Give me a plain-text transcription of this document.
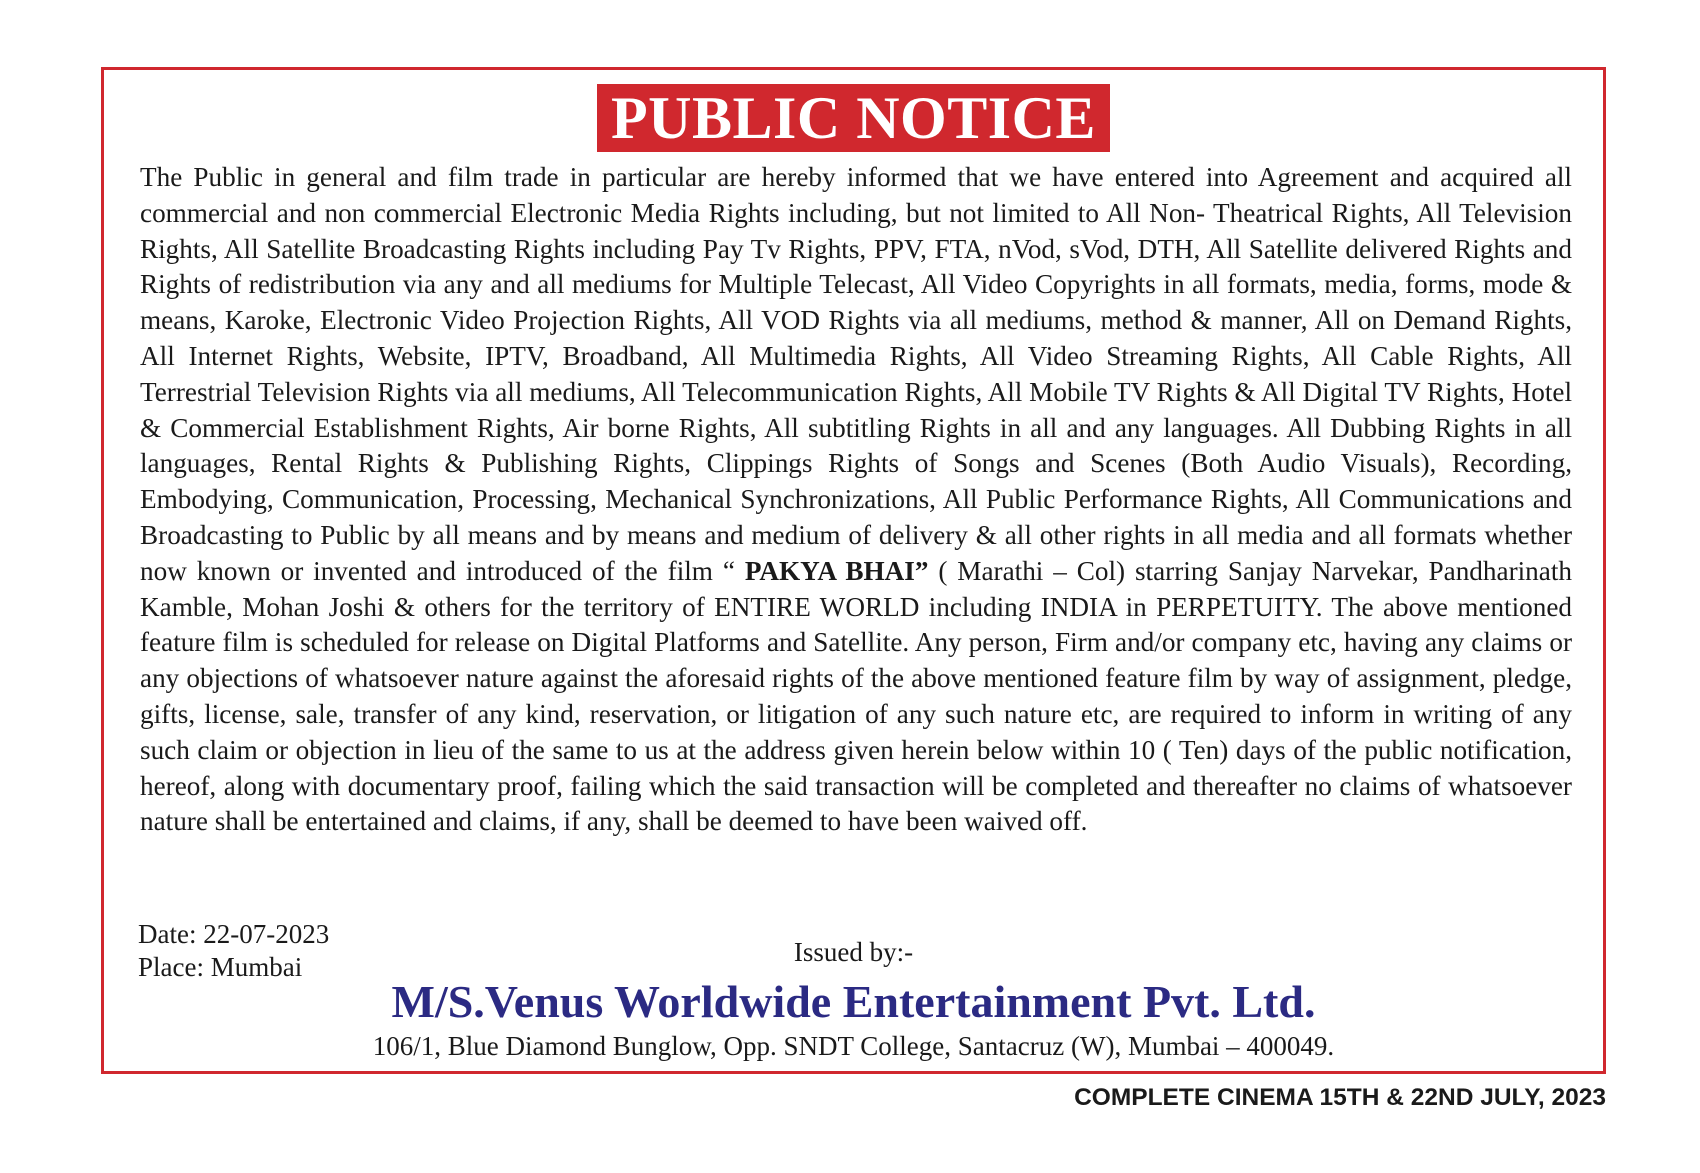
PUBLIC NOTICE

The Public in general and film trade in particular are hereby informed that we have entered into Agreement and acquired all commercial and non commercial Electronic Media Rights including, but not limited to All Non- Theatrical Rights, All Television Rights, All Satellite Broadcasting Rights including Pay Tv Rights, PPV, FTA, nVod, sVod, DTH, All Satellite delivered Rights and Rights of redistribution via any and all mediums for Multiple Telecast, All Video Copyrights in all formats, media, forms, mode & means, Karoke, Electronic Video Projection Rights, All VOD Rights via all mediums, method & manner, All on Demand Rights, All Internet Rights, Website, IPTV, Broadband, All Multimedia Rights, All Video Streaming Rights, All Cable Rights, All Terrestrial Television Rights via all mediums, All Telecommunication Rights, All Mobile TV Rights & All Digital TV Rights, Hotel & Commercial Establishment Rights, Air borne Rights, All subtitling Rights in all and any languages. All Dubbing Rights in all languages, Rental Rights & Publishing Rights, Clippings Rights of Songs and Scenes (Both Audio Visuals), Recording, Embodying, Communication, Processing, Mechanical Synchronizations, All Public Performance Rights, All Communications and Broadcasting to Public by all means and by means and medium of delivery & all other rights in all media and all formats whether now known or invented and introduced of the film “ PAKYA BHAI” ( Marathi – Col) starring Sanjay Narvekar, Pandharinath Kamble, Mohan Joshi & others for the territory of ENTIRE WORLD including INDIA in PERPETUITY. The above mentioned feature film is scheduled for release on Digital Platforms and Satellite. Any person, Firm and/or company etc, having any claims or any objections of whatsoever nature against the aforesaid rights of the above mentioned feature film by way of assignment, pledge, gifts, license, sale, transfer of any kind, reservation, or litigation of any such nature etc, are required to inform in writing of any such claim or objection in lieu of the same to us at the address given herein below within 10 ( Ten) days of the public notification, hereof, along with documentary proof, failing which the said transaction will be completed and thereafter no claims of whatsoever nature shall be entertained and claims, if any, shall be deemed to have been waived off.

Date: 22-07-2023
Place: Mumbai	Issued by:-
M/S.Venus Worldwide Entertainment Pvt. Ltd.
106/1, Blue Diamond Bunglow, Opp. SNDT College, Santacruz (W), Mumbai – 400049.
COMPLETE CINEMA 15TH & 22ND JULY, 2023
